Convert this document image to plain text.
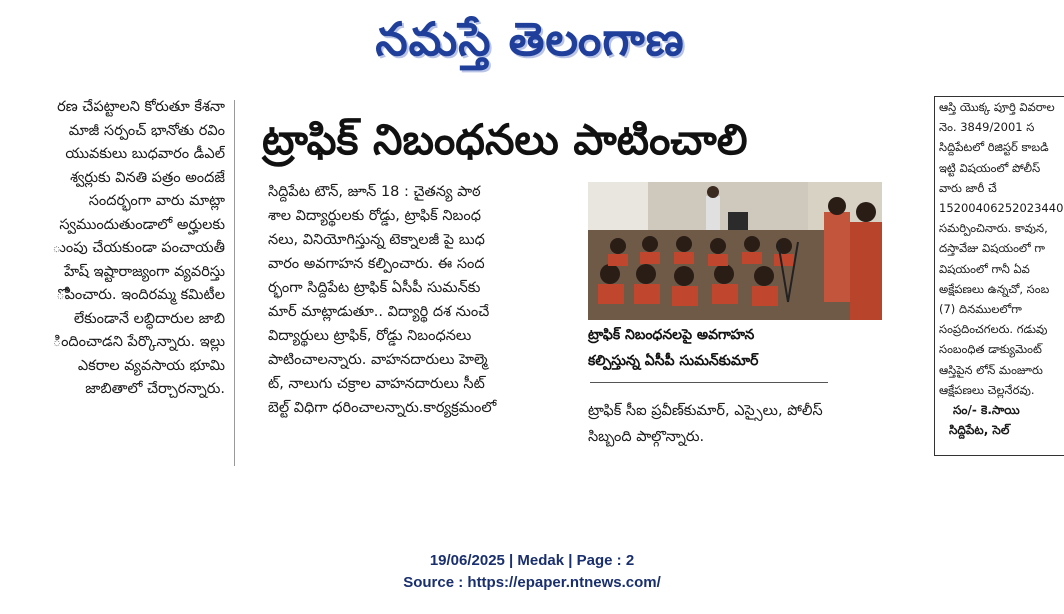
నమస్తే తెలంగాణ

రణ చేపట్టాలని కోరుతూ కేశనా

మాజీ సర్పంచ్ భానోతు రవిం

యువకులు బుధవారం డీఎల్

శ్వర్లుకు వినతి పత్రం అందజే

సందర్భంగా వారు మాట్లా

స్వముందుతుండాలో అర్హులకు

ుంపు చేయకుండా పంచాయతీ

హేష్ ఇష్టారాజ్యంగా వ్యవరిస్తు

ోపించారు. ఇందిరమ్మ కమిటీల

లేకుండానే లబ్ధిదారుల జాబి

ిందించాడని పేర్కొన్నారు. ఇల్లు

ఎకరాల వ్యవసాయ భూమి

జాబితాలో చేర్చారన్నారు.

ట్రాఫిక్ నిబంధనలు పాటించాలి

సిద్దిపేట టౌన్, జూన్ 18 : చైతన్య పాఠ

శాల విద్యార్థులకు రోడ్డు, ట్రాఫిక్ నిబంధ

నలు, వినియోగిస్తున్న టెక్నాలజీ పై బుధ

వారం అవగాహన కల్పించారు. ఈ సంద

ర్భంగా సిద్దిపేట ట్రాఫిక్ ఏసీపీ సుమన్‌కు

మార్ మాట్లాడుతూ.. విద్యార్థి దశ నుంచే

విద్యార్థులు ట్రాఫిక్, రోడ్డు నిబంధనలు

పాటించాలన్నారు. వాహనదారులు హెల్మె

ట్, నాలుగు చక్రాల వాహనదారులు సీట్

బెల్ట్ విధిగా ధరించాలన్నారు.కార్యక్రమంలో

ట్రాఫిక్ నిబంధనలపై అవగాహన
కల్పిస్తున్న ఏసీపీ సుమన్‌కుమార్

ట్రాఫిక్ సీఐ ప్రవీణ్‌కుమార్, ఎస్సైలు, పోలీస్

సిబ్బంది పాల్గొన్నారు.

ఆస్తి యొక్క పూర్తి వివరాల

నెం. 3849/2001 స

సిద్దిపేటలో రిజిస్టర్ కాబడి

ఇట్టి విషయంలో పోలీస్

వారు జారీ చే

15200406252023440

సమర్పించినారు. కావున,

దస్తావేజు విషయంలో గా

విషయంలో గానీ ఏవ

అక్షేపణలు ఉన్నచో, సంబ

(7) దినములలోగా

సంప్రదించగలరు. గడువు

సంబంధిత డాక్యుమెంట్

ఆస్తిపైన లోన్ మంజూరు

ఆక్షేపణలు చెల్లనేరవు.

సం/- కె.సాయి

సిద్దిపేట, సెల్

19/06/2025 | Medak | Page : 2
Source : https://epaper.ntnews.com/
